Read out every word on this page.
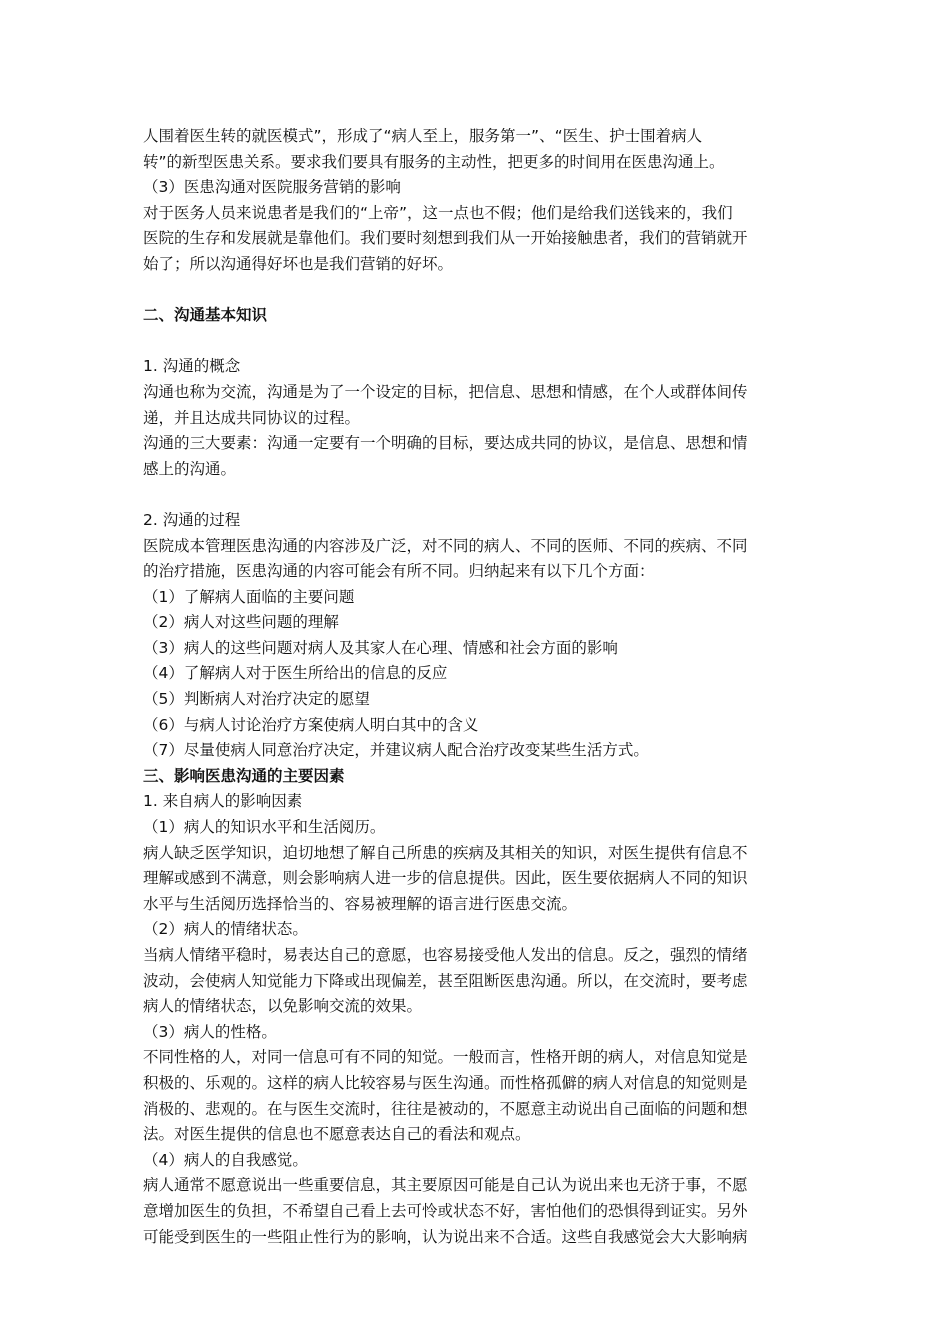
人围着医生转的就医模式”，形成了“病人至上，服务第一”、“医生、护士围着病人
转”的新型医患关系。要求我们要具有服务的主动性，把更多的时间用在医患沟通上。
（3）医患沟通对医院服务营销的影响
对于医务人员来说患者是我们的“上帝”，这一点也不假；他们是给我们送钱来的，我们
医院的生存和发展就是靠他们。我们要时刻想到我们从一开始接触患者，我们的营销就开
始了；所以沟通得好坏也是我们营销的好坏。
二、沟通基本知识
1. 沟通的概念
沟通也称为交流，沟通是为了一个设定的目标，把信息、思想和情感，在个人或群体间传
递，并且达成共同协议的过程。
沟通的三大要素：沟通一定要有一个明确的目标，要达成共同的协议，是信息、思想和情
感上的沟通。
2. 沟通的过程
医院成本管理医患沟通的内容涉及广泛，对不同的病人、不同的医师、不同的疾病、不同
的治疗措施，医患沟通的内容可能会有所不同。归纳起来有以下几个方面：
（1）了解病人面临的主要问题
（2）病人对这些问题的理解
（3）病人的这些问题对病人及其家人在心理、情感和社会方面的影响
（4）了解病人对于医生所给出的信息的反应
（5）判断病人对治疗决定的愿望
（6）与病人讨论治疗方案使病人明白其中的含义
（7）尽量使病人同意治疗决定，并建议病人配合治疗改变某些生活方式。
三、影响医患沟通的主要因素
1. 来自病人的影响因素
（1）病人的知识水平和生活阅历。
病人缺乏医学知识，迫切地想了解自己所患的疾病及其相关的知识，对医生提供有信息不
理解或感到不满意，则会影响病人进一步的信息提供。因此，医生要依据病人不同的知识
水平与生活阅历选择恰当的、容易被理解的语言进行医患交流。
（2）病人的情绪状态。
当病人情绪平稳时，易表达自己的意愿，也容易接受他人发出的信息。反之，强烈的情绪
波动，会使病人知觉能力下降或出现偏差，甚至阻断医患沟通。所以，在交流时，要考虑
病人的情绪状态，以免影响交流的效果。
（3）病人的性格。
不同性格的人，对同一信息可有不同的知觉。一般而言，性格开朗的病人，对信息知觉是
积极的、乐观的。这样的病人比较容易与医生沟通。而性格孤僻的病人对信息的知觉则是
消极的、悲观的。在与医生交流时，往往是被动的，不愿意主动说出自己面临的问题和想
法。对医生提供的信息也不愿意表达自己的看法和观点。
（4）病人的自我感觉。
病人通常不愿意说出一些重要信息，其主要原因可能是自己认为说出来也无济于事，不愿
意增加医生的负担，不希望自己看上去可怜或状态不好，害怕他们的恐惧得到证实。另外
可能受到医生的一些阻止性行为的影响，认为说出来不合适。这些自我感觉会大大影响病
